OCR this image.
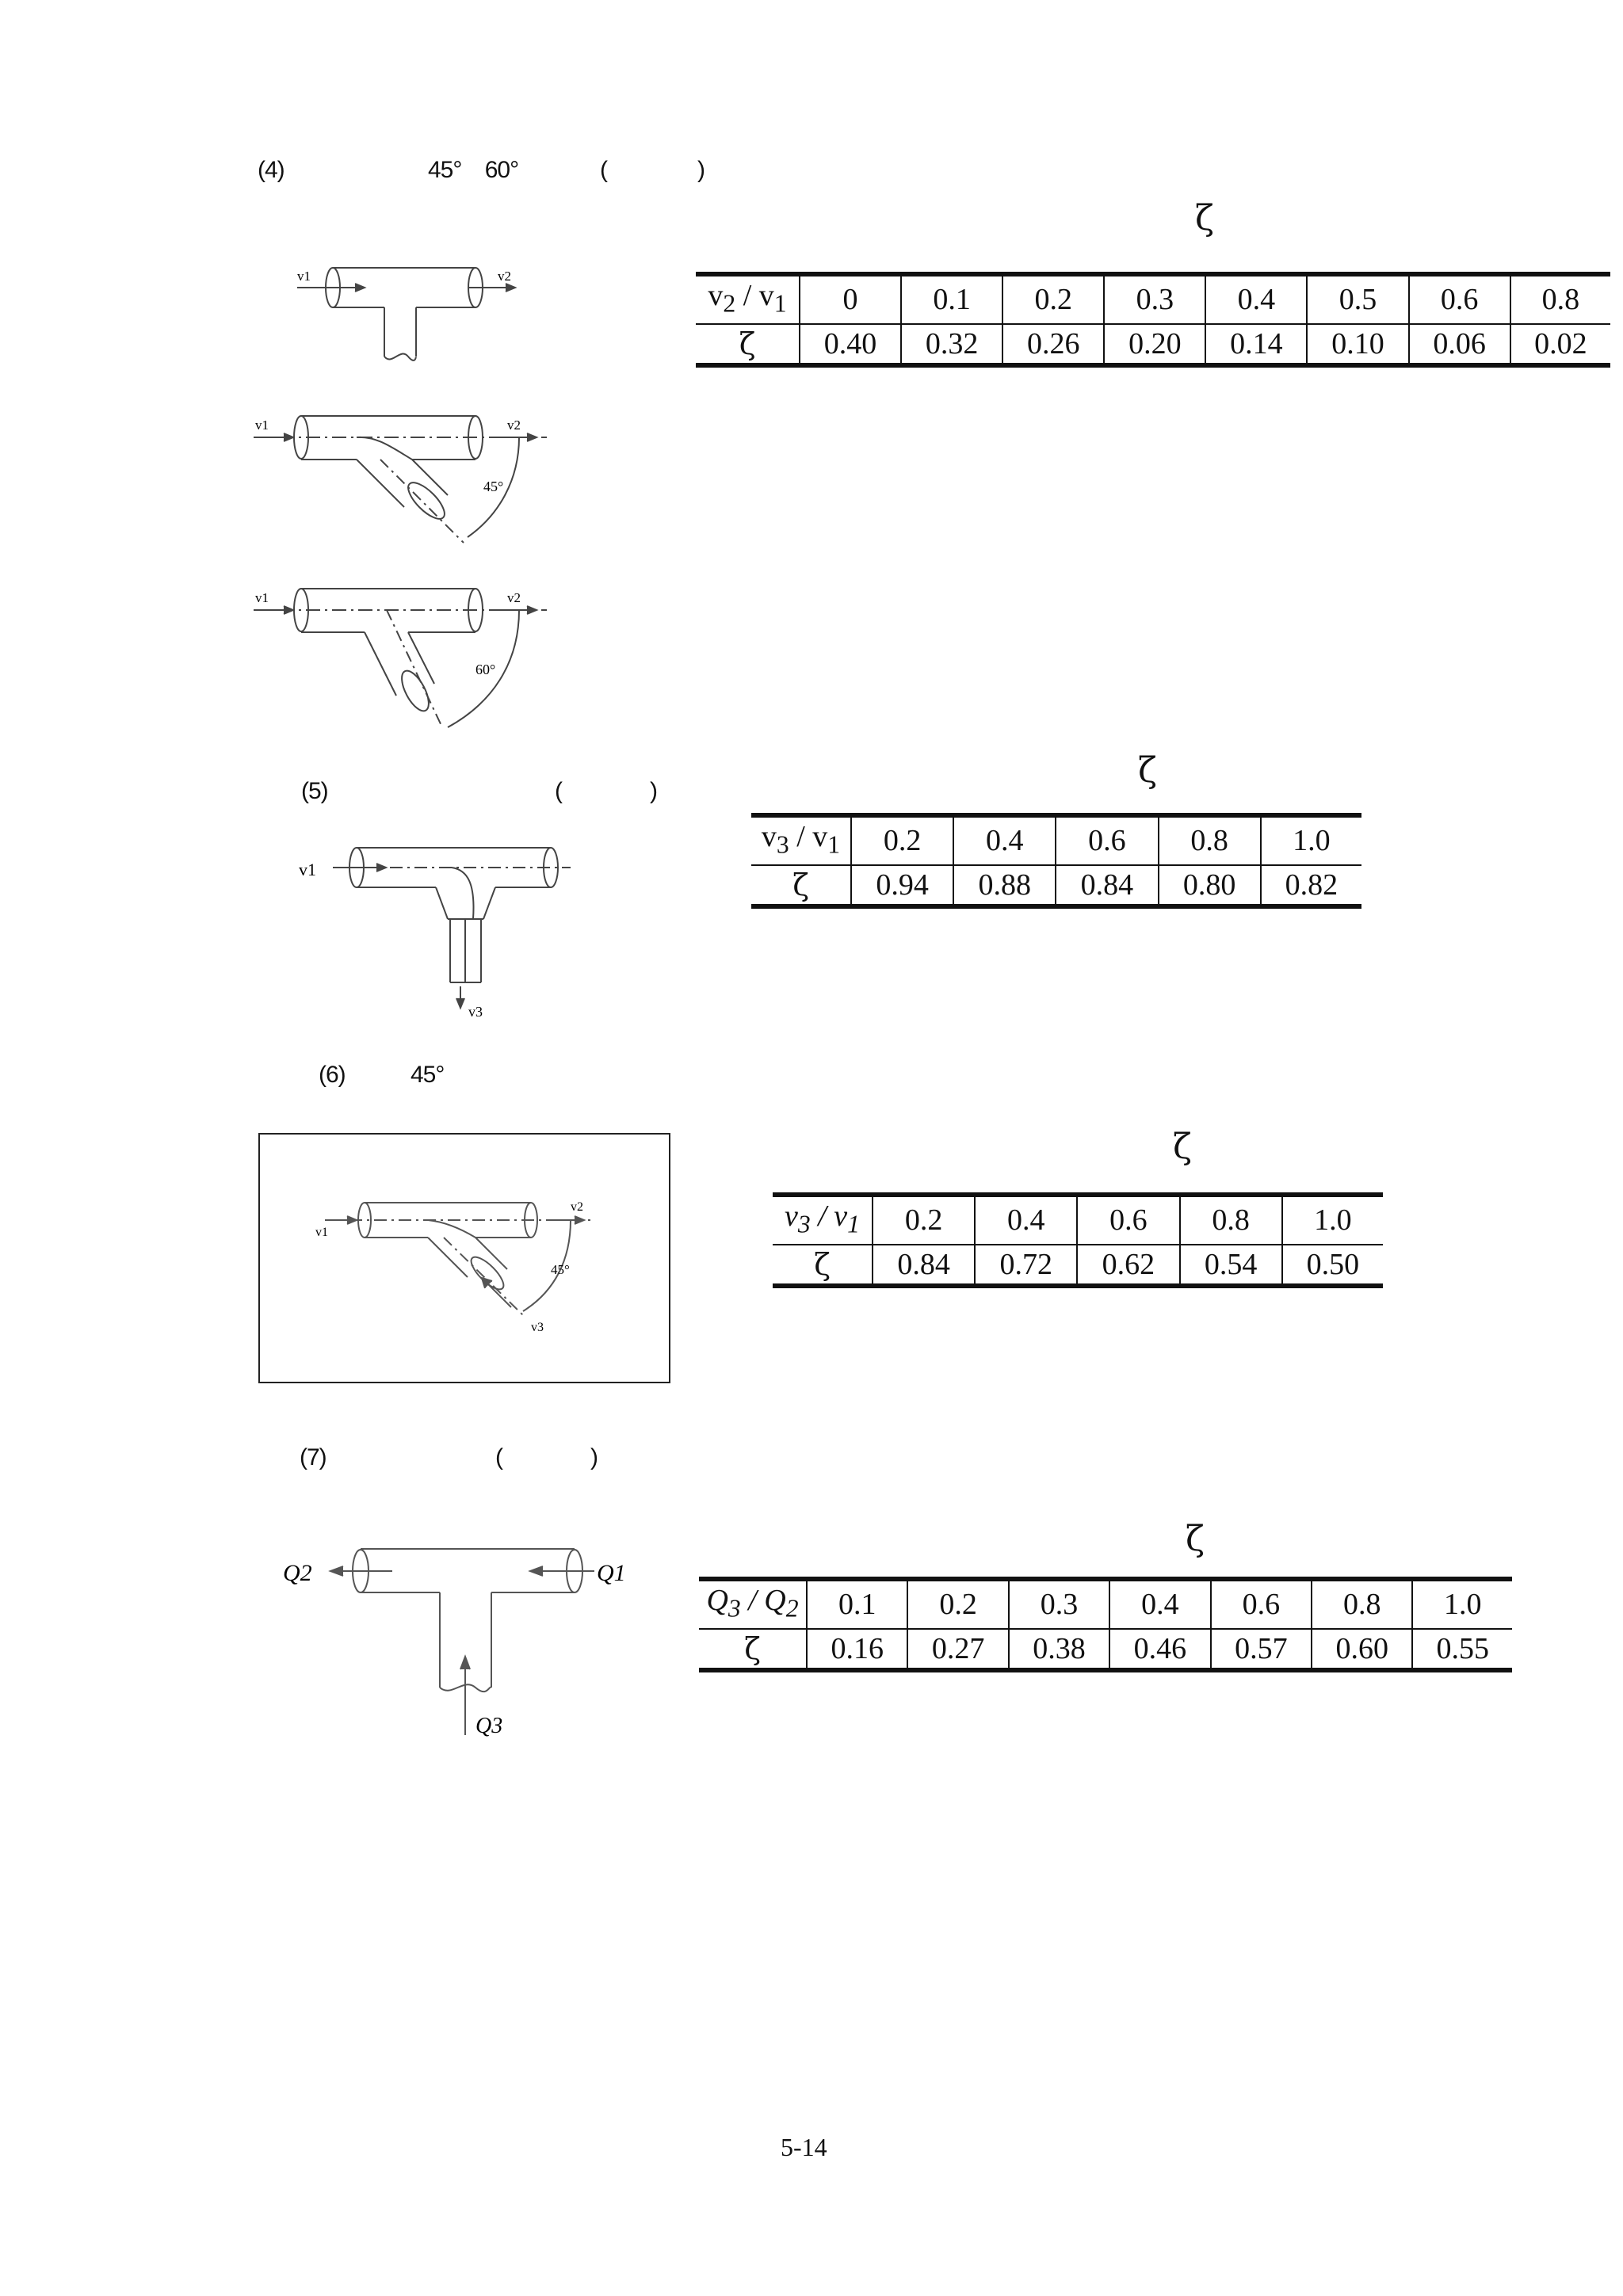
(4)	45°    60°	(	)
ζ
$v_2 / v_1$	0	0.1	0.2	0.3	0.4	0.5	0.6	0.8
ζ	0.40	0.32	0.26	0.20	0.14	0.10	0.06	0.02
v1	v2
v1	v2
45°
v1	v2
60°
(5)	(	)
ζ
$v_3 / v_1$	0.2	0.4	0.6	0.8	1.0
ζ	0.94	0.88	0.84	0.80	0.82
v1
v3
(6)	45°
ζ
$v_3 / v_1$	0.2	0.4	0.6	0.8	1.0
ζ	0.84	0.72	0.62	0.54	0.50
v1
v2
45°
v3
(7)	(	)
ζ
$Q_3 / Q_2$	0.1	0.2	0.3	0.4	0.6	0.8	1.0
ζ	0.16	0.27	0.38	0.46	0.57	0.60	0.55
Q2	Q1
Q3
5-14
